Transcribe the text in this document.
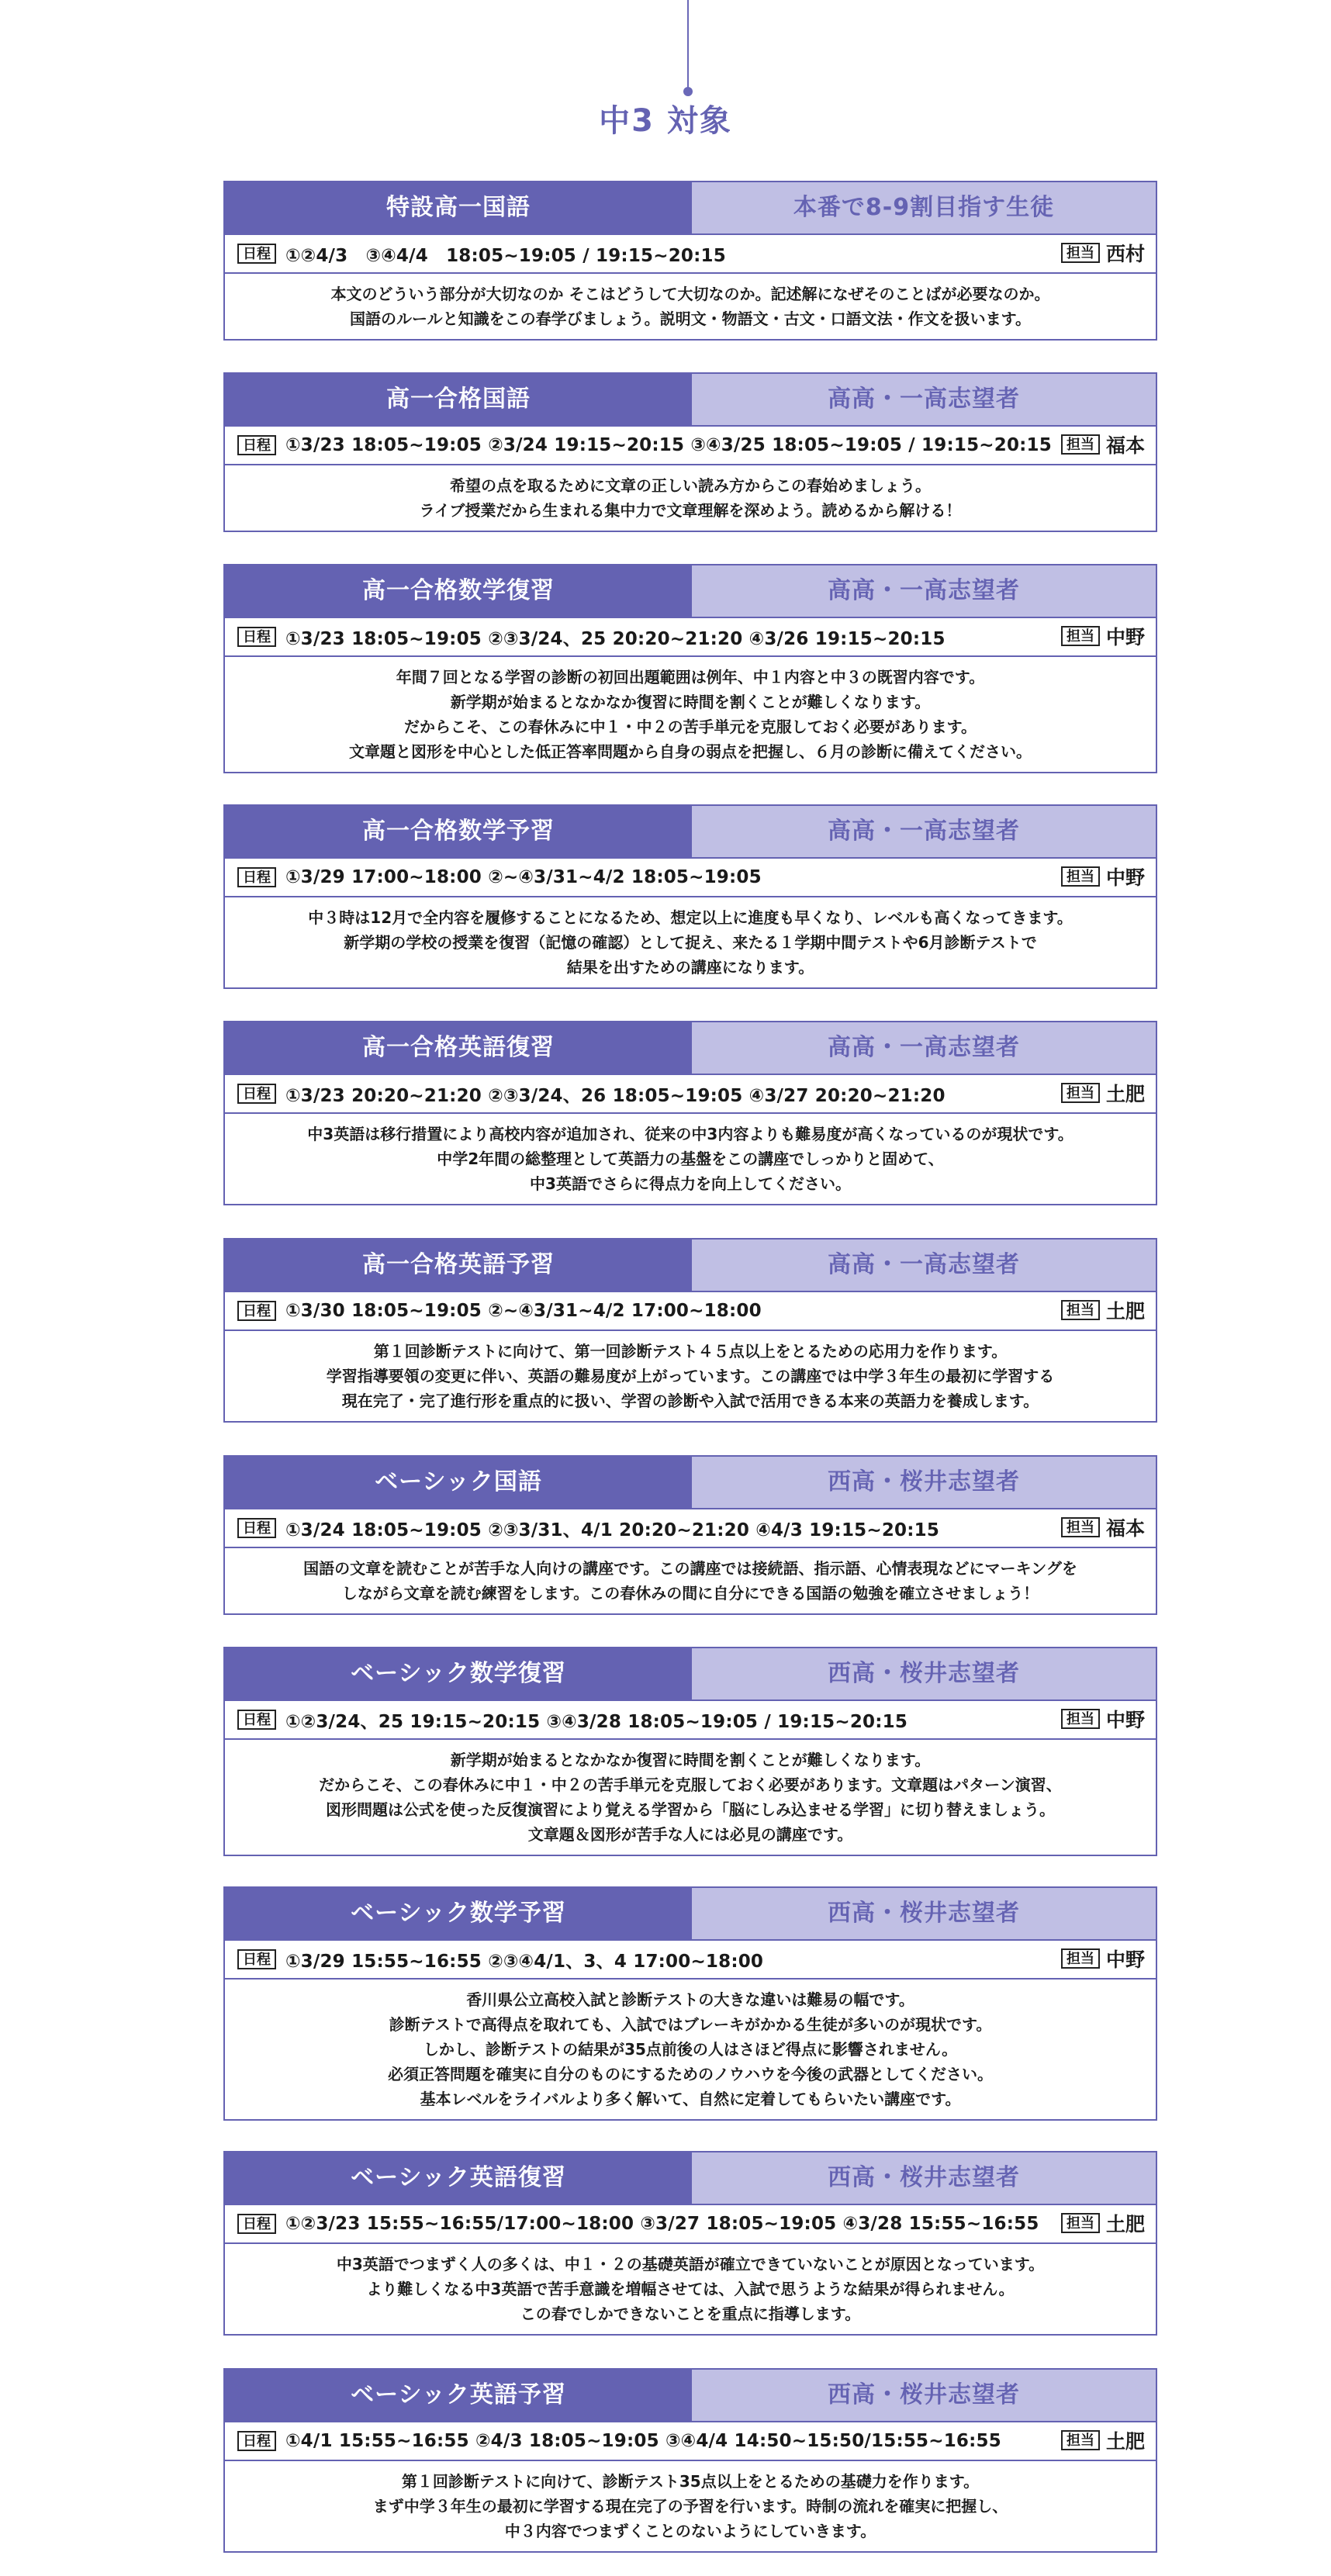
中3 対象
特設高一国語	本番で8-9割目指す生徒
日程 ①②4/3　③④4/4　18:05~19:05 / 19:15~20:15	担当 西村
本文のどういう部分が大切なのか そこはどうして大切なのか。記述解になぜそのことばが必要なのか。
国語のルールと知識をこの春学びましょう。説明文・物語文・古文・口語文法・作文を扱います。
高一合格国語	高高・一高志望者
日程 ①3/23 18:05~19:05 ②3/24 19:15~20:15 ③④3/25 18:05~19:05 / 19:15~20:15	担当 福本
希望の点を取るために文章の正しい読み方からこの春始めましょう。
ライブ授業だから生まれる集中力で文章理解を深めよう。読めるから解ける！
高一合格数学復習	高高・一高志望者
日程 ①3/23 18:05~19:05 ②③3/24、25 20:20~21:20 ④3/26 19:15~20:15	担当 中野
年間７回となる学習の診断の初回出題範囲は例年、中１内容と中３の既習内容です。
新学期が始まるとなかなか復習に時間を割くことが難しくなります。
だからこそ、この春休みに中１・中２の苦手単元を克服しておく必要があります。
文章題と図形を中心とした低正答率問題から自身の弱点を把握し、６月の診断に備えてください。
高一合格数学予習	高高・一高志望者
日程 ①3/29 17:00~18:00 ②~④3/31~4/2 18:05~19:05	担当 中野
中３時は12月で全内容を履修することになるため、想定以上に進度も早くなり、レベルも高くなってきます。
新学期の学校の授業を復習（記憶の確認）として捉え、来たる１学期中間テストや6月診断テストで
結果を出すための講座になります。
高一合格英語復習	高高・一高志望者
日程 ①3/23 20:20~21:20 ②③3/24、26 18:05~19:05 ④3/27 20:20~21:20	担当 土肥
中3英語は移行措置により高校内容が追加され、従来の中3内容よりも難易度が高くなっているのが現状です。
中学2年間の総整理として英語力の基盤をこの講座でしっかりと固めて、
中3英語でさらに得点力を向上してください。
高一合格英語予習	高高・一高志望者
日程 ①3/30 18:05~19:05 ②~④3/31~4/2 17:00~18:00	担当 土肥
第１回診断テストに向けて、第一回診断テスト４５点以上をとるための応用力を作ります。
学習指導要領の変更に伴い、英語の難易度が上がっています。この講座では中学３年生の最初に学習する
現在完了・完了進行形を重点的に扱い、学習の診断や入試で活用できる本来の英語力を養成します。
ベーシック国語	西高・桜井志望者
日程 ①3/24 18:05~19:05 ②③3/31、4/1 20:20~21:20 ④4/3 19:15~20:15	担当 福本
国語の文章を読むことが苦手な人向けの講座です。この講座では接続語、指示語、心情表現などにマーキングを
しながら文章を読む練習をします。この春休みの間に自分にできる国語の勉強を確立させましょう！
ベーシック数学復習	西高・桜井志望者
日程 ①②3/24、25 19:15~20:15 ③④3/28 18:05~19:05 / 19:15~20:15	担当 中野
新学期が始まるとなかなか復習に時間を割くことが難しくなります。
だからこそ、この春休みに中１・中２の苦手単元を克服しておく必要があります。文章題はパターン演習、
図形問題は公式を使った反復演習により覚える学習から「脳にしみ込ませる学習」に切り替えましょう。
文章題＆図形が苦手な人には必見の講座です。
ベーシック数学予習	西高・桜井志望者
日程 ①3/29 15:55~16:55 ②③④4/1、3、4 17:00~18:00	担当 中野
香川県公立高校入試と診断テストの大きな違いは難易の幅です。
診断テストで高得点を取れても、入試ではブレーキがかかる生徒が多いのが現状です。
しかし、診断テストの結果が35点前後の人はさほど得点に影響されません。
必須正答問題を確実に自分のものにするためのノウハウを今後の武器としてください。
基本レベルをライバルより多く解いて、自然に定着してもらいたい講座です。
ベーシック英語復習	西高・桜井志望者
日程 ①②3/23 15:55~16:55/17:00~18:00 ③3/27 18:05~19:05 ④3/28 15:55~16:55	担当 土肥
中3英語でつまずく人の多くは、中１・２の基礎英語が確立できていないことが原因となっています。
より難しくなる中3英語で苦手意識を増幅させては、入試で思うような結果が得られません。
この春でしかできないことを重点に指導します。
ベーシック英語予習	西高・桜井志望者
日程 ①4/1 15:55~16:55 ②4/3 18:05~19:05 ③④4/4 14:50~15:50/15:55~16:55	担当 土肥
第１回診断テストに向けて、診断テスト35点以上をとるための基礎力を作ります。
まず中学３年生の最初に学習する現在完了の予習を行います。時制の流れを確実に把握し、
中３内容でつまずくことのないようにしていきます。
